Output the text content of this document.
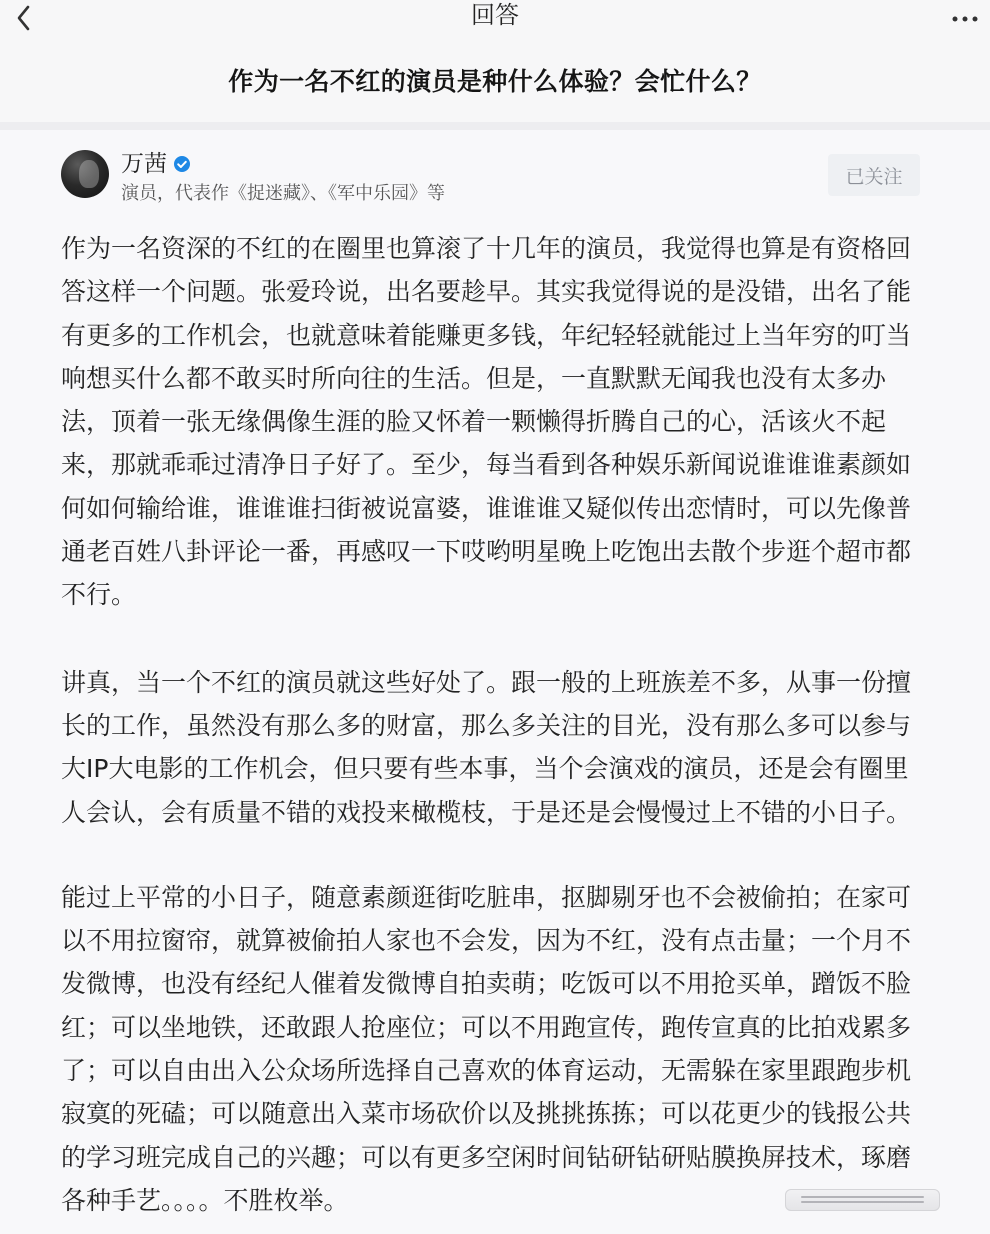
回答
作为一名不红的演员是种什么体验？会忙什么？
万茜
演员，代表作《捉迷藏》、《军中乐园》等
已关注

作为一名资深的不红的在圈里也算滚了十几年的演员，我觉得也算是有资格回
答这样一个问题。张爱玲说，出名要趁早。其实我觉得说的是没错，出名了能
有更多的工作机会，也就意味着能赚更多钱，年纪轻轻就能过上当年穷的叮当
响想买什么都不敢买时所向往的生活。但是，一直默默无闻我也没有太多办
法，顶着一张无缘偶像生涯的脸又怀着一颗懒得折腾自己的心，活该火不起
来，那就乖乖过清净日子好了。至少，每当看到各种娱乐新闻说谁谁谁素颜如
何如何输给谁，谁谁谁扫街被说富婆，谁谁谁又疑似传出恋情时，可以先像普
通老百姓八卦评论一番，再感叹一下哎哟明星晚上吃饱出去散个步逛个超市都
不行。

讲真，当一个不红的演员就这些好处了。跟一般的上班族差不多，从事一份擅
长的工作，虽然没有那么多的财富，那么多关注的目光，没有那么多可以参与
大IP大电影的工作机会，但只要有些本事，当个会演戏的演员，还是会有圈里
人会认，会有质量不错的戏投来橄榄枝，于是还是会慢慢过上不错的小日子。

能过上平常的小日子，随意素颜逛街吃脏串，抠脚剔牙也不会被偷拍；在家可
以不用拉窗帘，就算被偷拍人家也不会发，因为不红，没有点击量；一个月不
发微博，也没有经纪人催着发微博自拍卖萌；吃饭可以不用抢买单，蹭饭不脸
红；可以坐地铁，还敢跟人抢座位；可以不用跑宣传，跑传宣真的比拍戏累多
了；可以自由出入公众场所选择自己喜欢的体育运动，无需躲在家里跟跑步机
寂寞的死磕；可以随意出入菜市场砍价以及挑挑拣拣；可以花更少的钱报公共
的学习班完成自己的兴趣；可以有更多空闲时间钻研钻研贴膜换屏技术，琢磨
各种手艺。。。。不胜枚举。
